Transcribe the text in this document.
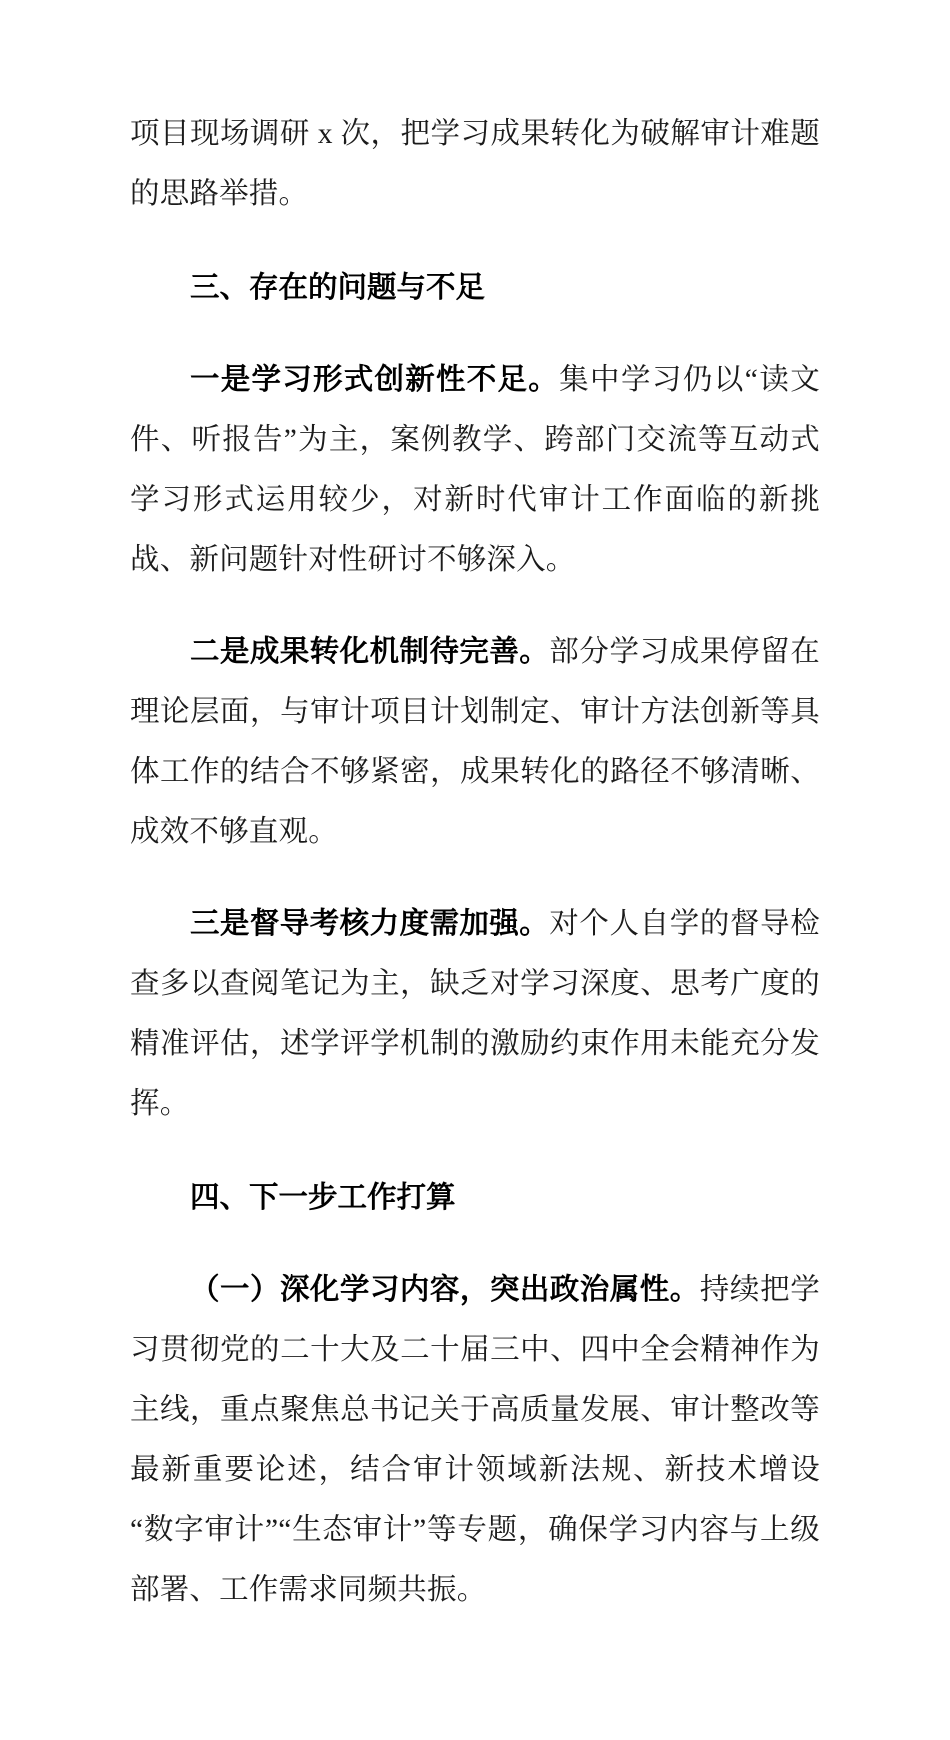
项目现场调研 x 次，把学习成果转化为破解审计难题的思路举措。

三、存在的问题与不足

一是学习形式创新性不足。集中学习仍以“读文件、听报告”为主，案例教学、跨部门交流等互动式学习形式运用较少，对新时代审计工作面临的新挑战、新问题针对性研讨不够深入。

二是成果转化机制待完善。部分学习成果停留在理论层面，与审计项目计划制定、审计方法创新等具体工作的结合不够紧密，成果转化的路径不够清晰、成效不够直观。

三是督导考核力度需加强。对个人自学的督导检查多以查阅笔记为主，缺乏对学习深度、思考广度的精准评估，述学评学机制的激励约束作用未能充分发挥。

四、下一步工作打算

（一）深化学习内容，突出政治属性。持续把学习贯彻党的二十大及二十届三中、四中全会精神作为主线，重点聚焦总书记关于高质量发展、审计整改等最新重要论述，结合审计领域新法规、新技术增设“数字审计”“生态审计”等专题，确保学习内容与上级部署、工作需求同频共振。
